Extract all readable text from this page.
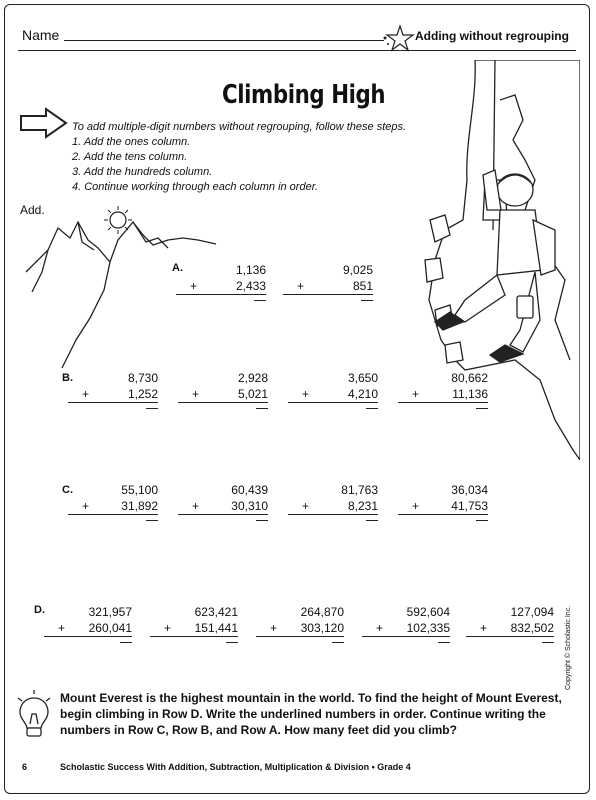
Name	Adding without regrouping
Climbing High
To add multiple-digit numbers without regrouping, follow these steps.
1. Add the ones column.
2. Add the tens column.
3. Add the hundreds column.
4. Continue working through each column in order.
Add.
A.	1,136
+	2,433
9,025
+	851
B.	8,730
+	1,252
2,928
+	5,021
3,650
+	4,210
80,662
+	11,136
C.	55,100
+	31,892
60,439
+	30,310
81,763
+	8,231
36,034
+	41,753
D.	321,957
+ 260,041
623,421
+ 151,441
264,870
+ 303,120
592,604
+ 102,335
127,094
+ 832,502
Mount Everest is the highest mountain in the world. To find the height of Mount Everest, begin climbing in Row D. Write the underlined numbers in order. Continue writing the numbers in Row C, Row B, and Row A. How many feet did you climb?
6	Scholastic Success With Addition, Subtraction, Multiplication & Division • Grade 4
Copyright © Scholastic Inc.
